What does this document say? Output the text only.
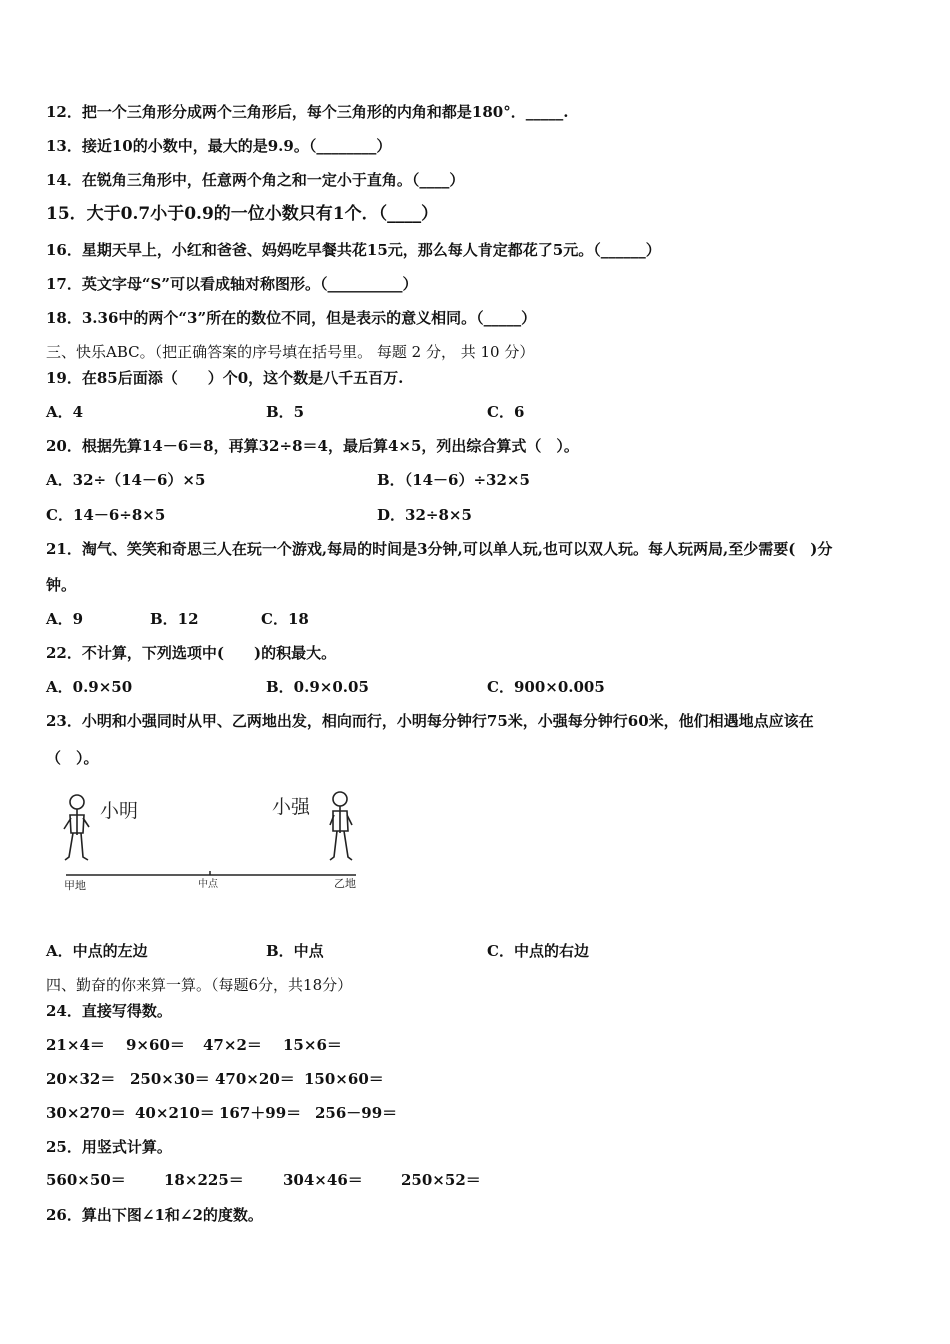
12．把一个三角形分成两个三角形后，每个三角形的内角和都是180°．_____.
13．接近10的小数中，最大的是9.9。（________）
14．在锐角三角形中，任意两个角之和一定小于直角。（____）
15．大于0.7小于0.9的一位小数只有1个．（____）
16．星期天早上，小红和爸爸、妈妈吃早餐共花15元，那么每人肯定都花了5元。（______）
17．英文字母“S”可以看成轴对称图形。（__________）
18．3.36中的两个“3”所在的数位不同，但是表示的意义相同。（_____）
三、快乐ABC。（把正确答案的序号填在括号里。 每题 2 分， 共 10 分）
19．在85后面添（　　）个0，这个数是八千五百万.
A．4	B．5	C．6
20．根据先算14－6＝8，再算32÷8＝4，最后算4×5，列出综合算式（　）。
A．32÷（14－6）×5	B．（14－6）÷32×5
C．14－6÷8×5	D．32÷8×5
21．淘气、笑笑和奇思三人在玩一个游戏,每局的时间是3分钟,可以单人玩,也可以双人玩。每人玩两局,至少需要(　)分
钟。
A．9	B．12	C．18
22．不计算，下列选项中(　　)的积最大。
A．0.9×50	B．0.9×0.05	C．900×0.005
23．小明和小强同时从甲、乙两地出发，相向而行，小明每分钟行75米，小强每分钟行60米，他们相遇地点应该在
（　）。
小明	小强
甲地	中点	乙地
A．中点的左边	B．中点	C．中点的右边
四、勤奋的你来算一算。（每题6分，共18分）
24．直接写得数。
21×4＝ 9×60＝ 47×2＝ 15×6＝
20×32＝ 250×30＝ 470×20＝ 150×60＝
30×270＝ 40×210＝ 167＋99＝ 256－99＝
25．用竖式计算。
560×50＝	18×225＝	304×46＝	250×52＝
26．算出下图∠1和∠2的度数。
